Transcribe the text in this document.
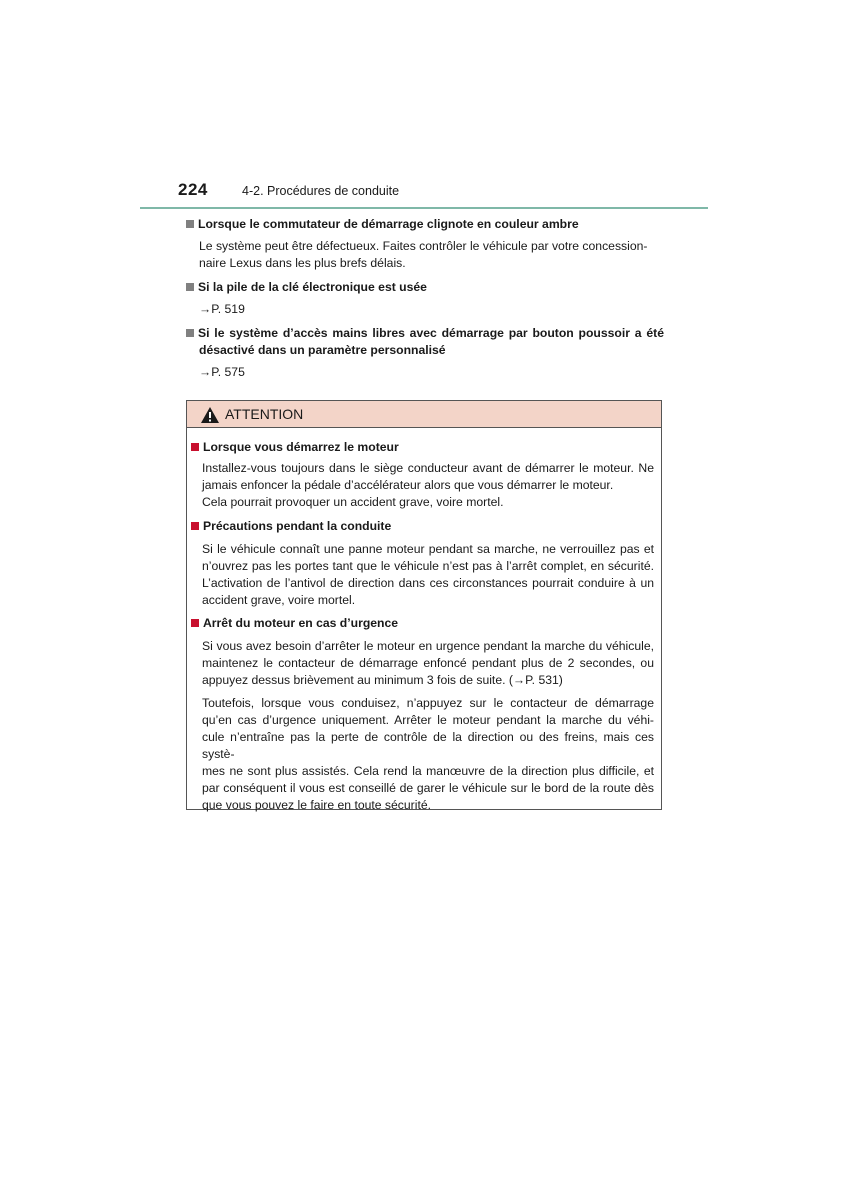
224	4-2. Procédures de conduite
Lorsque le commutateur de démarrage clignote en couleur ambre
Le système peut être défectueux. Faites contrôler le véhicule par votre concession-
naire Lexus dans les plus brefs délais.
Si la pile de la clé électronique est usée
→P. 519
Si le système d’accès mains libres avec démarrage par bouton poussoir a été
désactivé dans un paramètre personnalisé
→P. 575
ATTENTION
Lorsque vous démarrez le moteur
Installez-vous toujours dans le siège conducteur avant de démarrer le moteur. Ne
jamais enfoncer la pédale d’accélérateur alors que vous démarrer le moteur.
Cela pourrait provoquer un accident grave, voire mortel.
Précautions pendant la conduite
Si le véhicule connaît une panne moteur pendant sa marche, ne verrouillez pas et
n’ouvrez pas les portes tant que le véhicule n’est pas à l’arrêt complet, en sécurité.
L’activation de l’antivol de direction dans ces circonstances pourrait conduire à un
accident grave, voire mortel.
Arrêt du moteur en cas d’urgence
Si vous avez besoin d’arrêter le moteur en urgence pendant la marche du véhicule,
maintenez le contacteur de démarrage enfoncé pendant plus de 2 secondes, ou
appuyez dessus brièvement au minimum 3 fois de suite. (→P. 531)
Toutefois, lorsque vous conduisez, n’appuyez sur le contacteur de démarrage
qu’en cas d’urgence uniquement. Arrêter le moteur pendant la marche du véhi-
cule n’entraîne pas la perte de contrôle de la direction ou des freins, mais ces systè-
mes ne sont plus assistés. Cela rend la manœuvre de la direction plus difficile, et
par conséquent il vous est conseillé de garer le véhicule sur le bord de la route dès
que vous pouvez le faire en toute sécurité.
